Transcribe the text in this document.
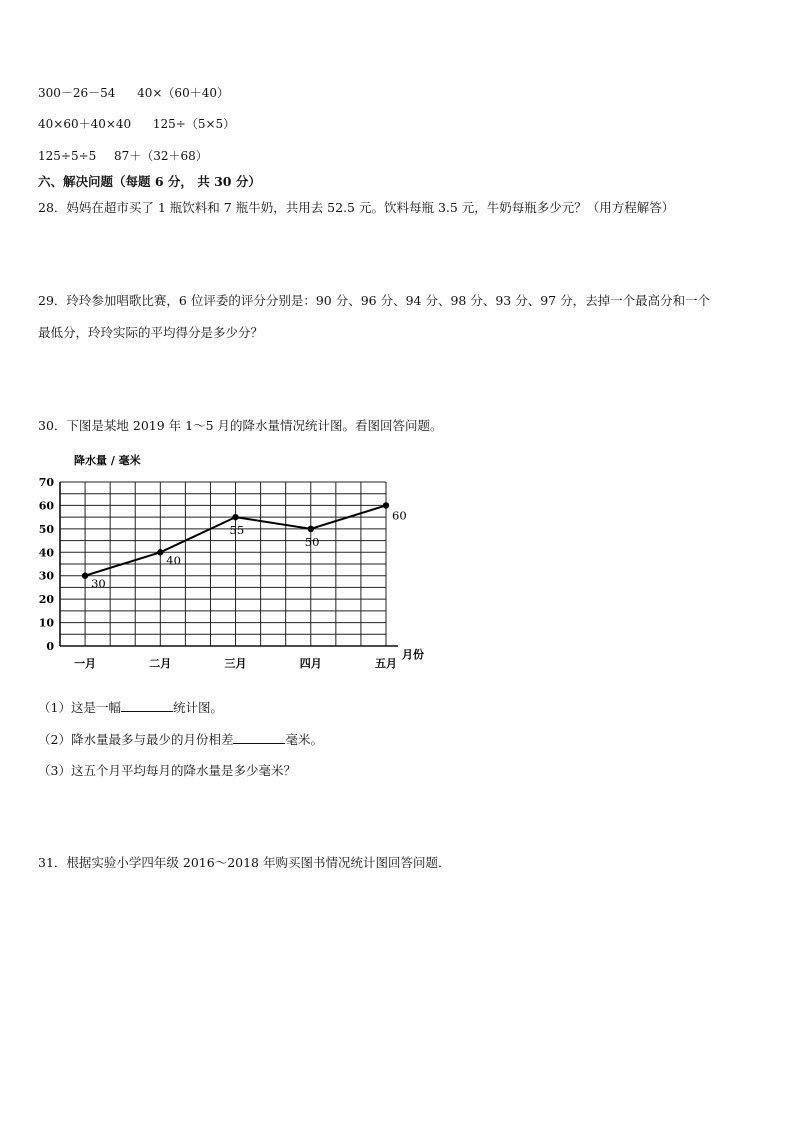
300－26－54 40×（60＋40）
40×60＋40×40 125÷（5×5）
125÷5÷5 87＋（32＋68）
六、解决问题（每题 6 分， 共 30 分）
28．妈妈在超市买了 1 瓶饮料和 7 瓶牛奶，共用去 52.5 元。饮料每瓶 3.5 元，牛奶每瓶多少元？（用方程解答）
29．玲玲参加唱歌比赛，6 位评委的评分分别是：90 分、96 分、94 分、98 分、93 分、97 分，去掉一个最高分和一个
最低分，玲玲实际的平均得分是多少分？
30．下图是某地 2019 年 1～5 月的降水量情况统计图。看图回答问题。
0
10
20
30
40
50
60
70
一月	二月	三月	四月	五月
30
40
55
50
60
降水量 / 毫米
月份
（1）这是一幅	统计图。
（2）降水量最多与最少的月份相差	毫米。
（3）这五个月平均每月的降水量是多少毫米？
31．根据实验小学四年级 2016～2018 年购买图书情况统计图回答问题．
